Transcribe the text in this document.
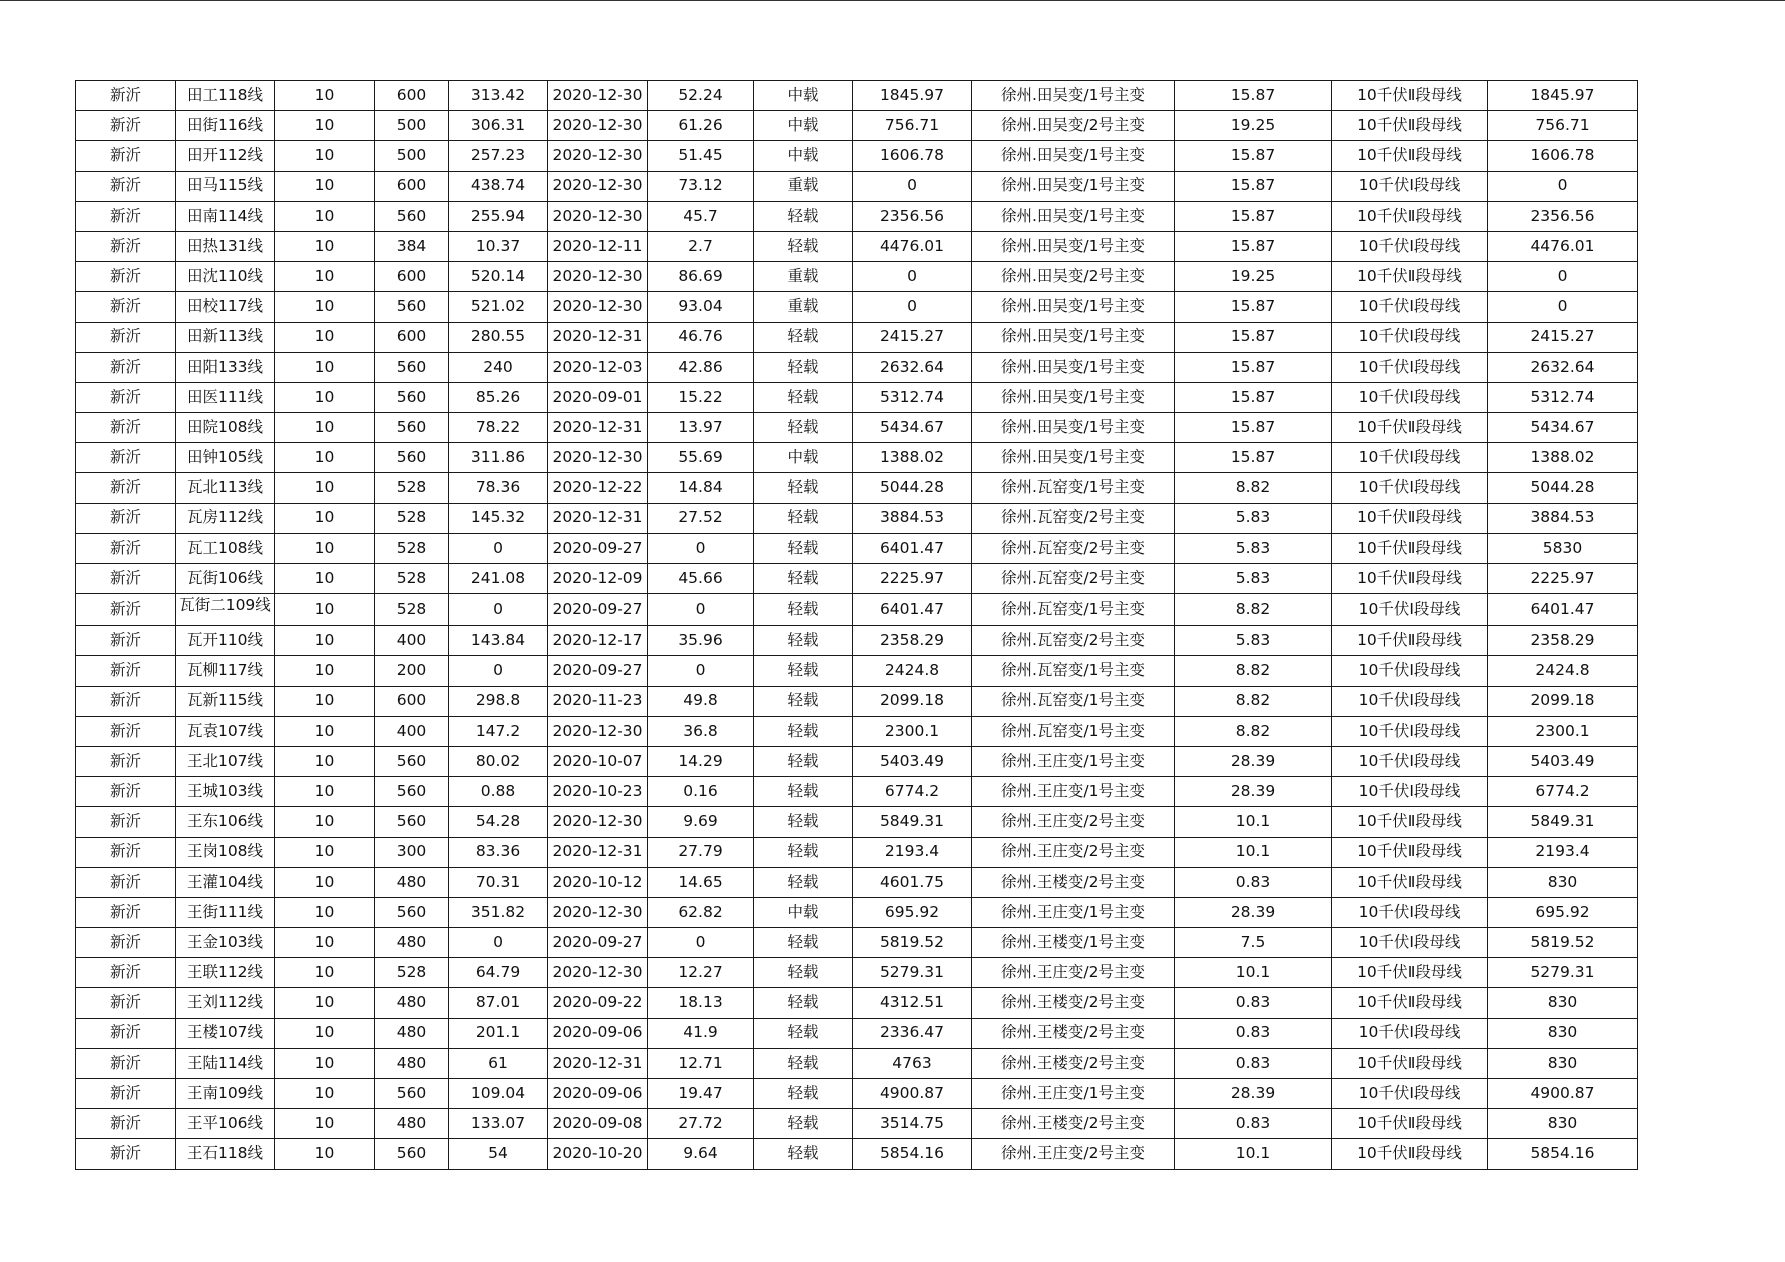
新沂	田工118线	10	600	313.42	2020-12-30	52.24	中载	1845.97	徐州.田吴变/1号主变	15.87	10千伏Ⅱ段母线	1845.97
新沂	田街116线	10	500	306.31	2020-12-30	61.26	中载	756.71	徐州.田吴变/2号主变	19.25	10千伏Ⅱ段母线	756.71
新沂	田开112线	10	500	257.23	2020-12-30	51.45	中载	1606.78	徐州.田吴变/1号主变	15.87	10千伏Ⅱ段母线	1606.78
新沂	田马115线	10	600	438.74	2020-12-30	73.12	重载	0	徐州.田吴变/1号主变	15.87	10千伏Ⅰ段母线	0
新沂	田南114线	10	560	255.94	2020-12-30	45.7	轻载	2356.56	徐州.田吴变/1号主变	15.87	10千伏Ⅱ段母线	2356.56
新沂	田热131线	10	384	10.37	2020-12-11	2.7	轻载	4476.01	徐州.田吴变/1号主变	15.87	10千伏Ⅰ段母线	4476.01
新沂	田沈110线	10	600	520.14	2020-12-30	86.69	重载	0	徐州.田吴变/2号主变	19.25	10千伏Ⅱ段母线	0
新沂	田校117线	10	560	521.02	2020-12-30	93.04	重载	0	徐州.田吴变/1号主变	15.87	10千伏Ⅰ段母线	0
新沂	田新113线	10	600	280.55	2020-12-31	46.76	轻载	2415.27	徐州.田吴变/1号主变	15.87	10千伏Ⅰ段母线	2415.27
新沂	田阳133线	10	560	240	2020-12-03	42.86	轻载	2632.64	徐州.田吴变/1号主变	15.87	10千伏Ⅰ段母线	2632.64
新沂	田医111线	10	560	85.26	2020-09-01	15.22	轻载	5312.74	徐州.田吴变/1号主变	15.87	10千伏Ⅰ段母线	5312.74
新沂	田院108线	10	560	78.22	2020-12-31	13.97	轻载	5434.67	徐州.田吴变/1号主变	15.87	10千伏Ⅱ段母线	5434.67
新沂	田钟105线	10	560	311.86	2020-12-30	55.69	中载	1388.02	徐州.田吴变/1号主变	15.87	10千伏Ⅰ段母线	1388.02
新沂	瓦北113线	10	528	78.36	2020-12-22	14.84	轻载	5044.28	徐州.瓦窑变/1号主变	8.82	10千伏Ⅰ段母线	5044.28
新沂	瓦房112线	10	528	145.32	2020-12-31	27.52	轻载	3884.53	徐州.瓦窑变/2号主变	5.83	10千伏Ⅱ段母线	3884.53
新沂	瓦工108线	10	528	0	2020-09-27	0	轻载	6401.47	徐州.瓦窑变/2号主变	5.83	10千伏Ⅱ段母线	5830
新沂	瓦街106线	10	528	241.08	2020-12-09	45.66	轻载	2225.97	徐州.瓦窑变/2号主变	5.83	10千伏Ⅱ段母线	2225.97
新沂	瓦街二109线	10	528	0	2020-09-27	0	轻载	6401.47	徐州.瓦窑变/1号主变	8.82	10千伏Ⅰ段母线	6401.47
新沂	瓦开110线	10	400	143.84	2020-12-17	35.96	轻载	2358.29	徐州.瓦窑变/2号主变	5.83	10千伏Ⅱ段母线	2358.29
新沂	瓦柳117线	10	200	0	2020-09-27	0	轻载	2424.8	徐州.瓦窑变/1号主变	8.82	10千伏Ⅰ段母线	2424.8
新沂	瓦新115线	10	600	298.8	2020-11-23	49.8	轻载	2099.18	徐州.瓦窑变/1号主变	8.82	10千伏Ⅰ段母线	2099.18
新沂	瓦袁107线	10	400	147.2	2020-12-30	36.8	轻载	2300.1	徐州.瓦窑变/1号主变	8.82	10千伏Ⅰ段母线	2300.1
新沂	王北107线	10	560	80.02	2020-10-07	14.29	轻载	5403.49	徐州.王庄变/1号主变	28.39	10千伏Ⅰ段母线	5403.49
新沂	王城103线	10	560	0.88	2020-10-23	0.16	轻载	6774.2	徐州.王庄变/1号主变	28.39	10千伏Ⅰ段母线	6774.2
新沂	王东106线	10	560	54.28	2020-12-30	9.69	轻载	5849.31	徐州.王庄变/2号主变	10.1	10千伏Ⅱ段母线	5849.31
新沂	王岗108线	10	300	83.36	2020-12-31	27.79	轻载	2193.4	徐州.王庄变/2号主变	10.1	10千伏Ⅱ段母线	2193.4
新沂	王灌104线	10	480	70.31	2020-10-12	14.65	轻载	4601.75	徐州.王楼变/2号主变	0.83	10千伏Ⅱ段母线	830
新沂	王街111线	10	560	351.82	2020-12-30	62.82	中载	695.92	徐州.王庄变/1号主变	28.39	10千伏Ⅰ段母线	695.92
新沂	王金103线	10	480	0	2020-09-27	0	轻载	5819.52	徐州.王楼变/1号主变	7.5	10千伏Ⅰ段母线	5819.52
新沂	王联112线	10	528	64.79	2020-12-30	12.27	轻载	5279.31	徐州.王庄变/2号主变	10.1	10千伏Ⅱ段母线	5279.31
新沂	王刘112线	10	480	87.01	2020-09-22	18.13	轻载	4312.51	徐州.王楼变/2号主变	0.83	10千伏Ⅱ段母线	830
新沂	王楼107线	10	480	201.1	2020-09-06	41.9	轻载	2336.47	徐州.王楼变/2号主变	0.83	10千伏Ⅰ段母线	830
新沂	王陆114线	10	480	61	2020-12-31	12.71	轻载	4763	徐州.王楼变/2号主变	0.83	10千伏Ⅱ段母线	830
新沂	王南109线	10	560	109.04	2020-09-06	19.47	轻载	4900.87	徐州.王庄变/1号主变	28.39	10千伏Ⅰ段母线	4900.87
新沂	王平106线	10	480	133.07	2020-09-08	27.72	轻载	3514.75	徐州.王楼变/2号主变	0.83	10千伏Ⅱ段母线	830
新沂	王石118线	10	560	54	2020-10-20	9.64	轻载	5854.16	徐州.王庄变/2号主变	10.1	10千伏Ⅱ段母线	5854.16
